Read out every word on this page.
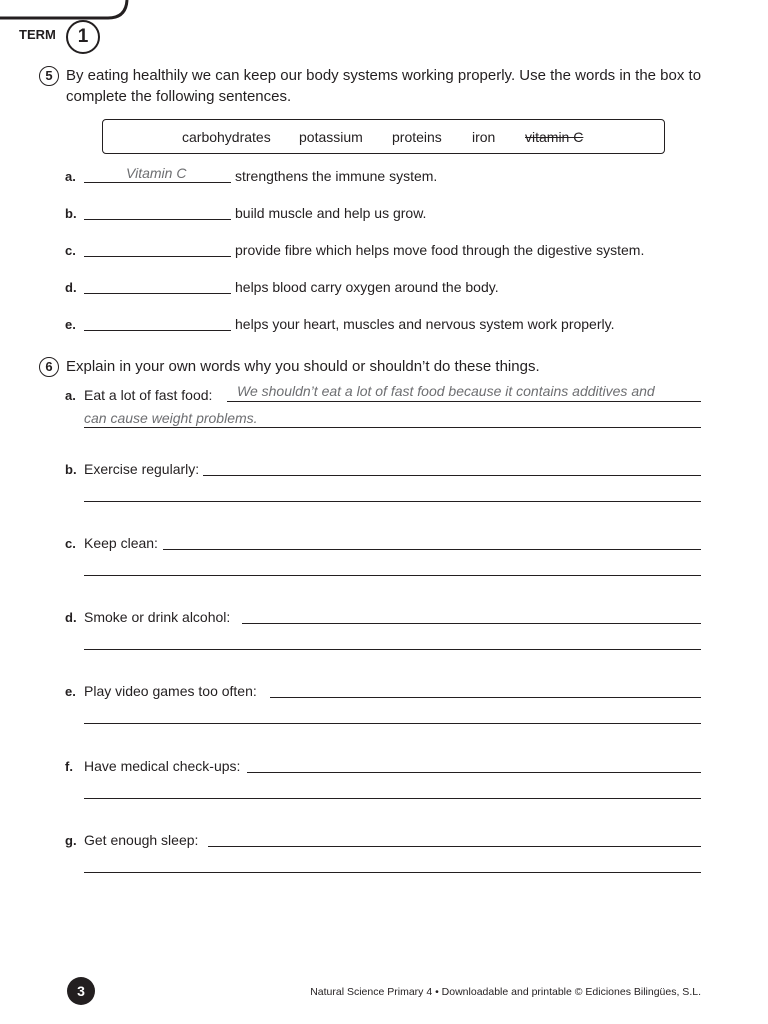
TERM	1
5 By eating healthily we can keep our body systems working properly. Use the words in the box to complete the following sentences.
carbohydrates potassium proteins iron vitamin C
a.	Vitamin C	strengthens the immune system.
b.	build muscle and help us grow.
c.	provide fibre which helps move food through the digestive system.
d.	helps blood carry oxygen around the body.
e.	helps your heart, muscles and nervous system work properly.
6 Explain in your own words why you should or shouldn’t do these things.
a. Eat a lot of fast food: We shouldn’t eat a lot of fast food because it contains additives and
can cause weight problems.
b. Exercise regularly:
c. Keep clean:
d. Smoke or drink alcohol:
e. Play video games too often:
f. Have medical check-ups:
g. Get enough sleep:
3	Natural Science Primary 4 • Downloadable and printable © Ediciones Bilingües, S.L.
